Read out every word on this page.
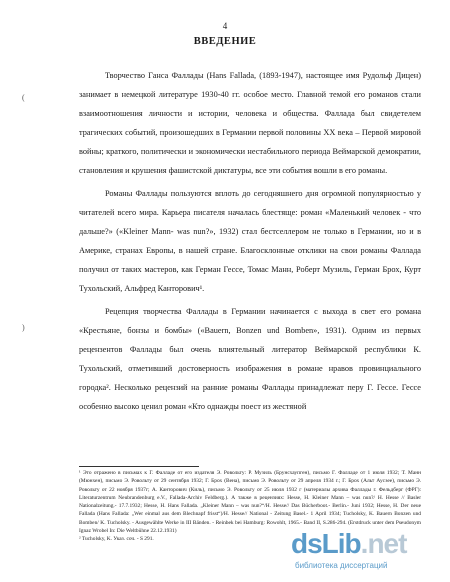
4
ВВЕДЕНИЕ
(
)

Творчество Ганса Фаллады (Hans Fallada, (1893-1947), настоящее имя Рудольф Дицен) занимает в немецкой литературе 1930-40 гг. особое место. Главной темой его романов стали взаимоотношения личности и истории, человека и общества. Фаллада был свидетелем трагических событий, произошедших в Германии первой половины XX века – Первой мировой войны; краткого, политически и экономически нестабильного периода Веймарской демократии, становления и крушения фашистской диктатуры, все эти события вошли в его романы.

Романы Фаллады пользуются вплоть до сегодняшнего дня огромной популярностью у читателей всего мира. Карьера писателя началась блестяще: роман «Маленький человек - что дальше?» («Kleiner Mann- was nun?», 1932) стал бестселлером не только в Германии, но и в Америке, странах Европы, в нашей стране. Благосклонные отклики на свои романы Фаллада получил от таких мастеров, как Герман Гессе, Томас Манн, Роберт Музиль, Герман Брох, Курт Тухольский, Альфред Канторович¹.

Рецепция творчества Фаллады в Германии начинается с выхода в свет его романа «Крестьяне, бонзы и бомбы» («Bauern, Bonzen und Bomben», 1931). Одним из первых рецензентов Фаллады был очень влиятельный литератор Веймарской республики К. Тухольский, отметивший достоверность изображения в романе нравов провинциального городка². Несколько рецензий на ранние романы Фаллады принадлежат перу Г. Гессе. Гессе особенно высоко ценил роман «Кто однажды поест из жестяной

¹ Это отражено в письмах к Г. Фалладе от его издателя Э. Ровольту: Р. Музиль (Брунсхаупген), письмо Г. Фалладе от 1 июля 1932; Т. Манн (Мюнхен), письмо Э. Ровольту от 29 сентября 1932; Г. Брох (Вена), письмо Э. Ровольту от 29 апреля 1934 г.; Г. Брох (Альт Аусзее), письмо Э. Ровольту от 22 ноября 1937г; А. Канторович (Киль), письмо Э. Ровольту от 25 июля 1932 г (материалы архива Фаллады г. Фельдберг (ФРГ): Literaturzentrum Neubrandenburg e.V., Fallada-Archiv Feldberg.). А также в рецензиях: Hesse, H. Kleiner Mann – was nun?/ H. Hesse // Basler Nationalzeitung.- 17.7.1932; Hesse, H. Hans Fallada. „Kleiner Mann – was nun?“/H. Hesse// Das Bücherboot.- Berlin.- Juni 1932; Hesse, H. Der neue Fallada (Hans Fallada: „Wer einmal aus dem Blechnapf frisst“)/H. Hesse// National - Zeitung Basel.- 1 April 1934; Tucholsky, K. Bauern Bonzen und Bomben/ K. Tucholsky. - Ausgewählte Werke in III Bänden. - Reinbek bei Hamburg: Rowohlt, 1965.- Band II, S.286-294. (Erstdruck unter dem Pseudonym Ignaz Wrobel In: Die Weltbühne 22.12.1931)
² Tucholsky, K. Указ. соч. - S 291.	dsLib.net
библиотека диссертаций
